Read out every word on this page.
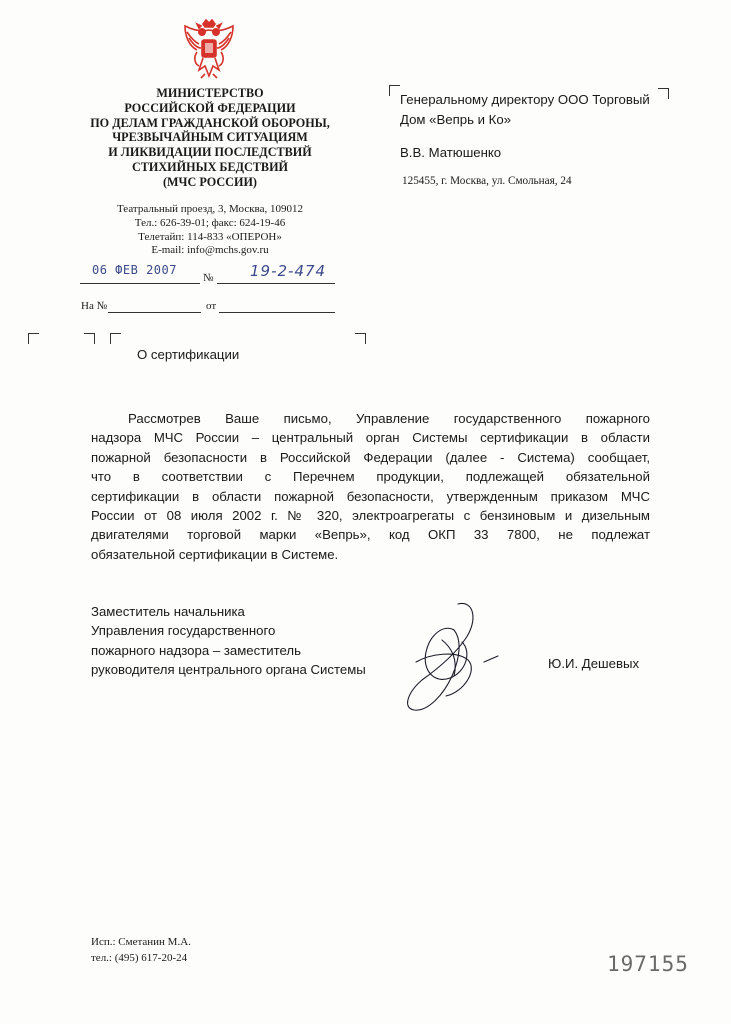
МИНИСТЕРСТВО
РОССИЙСКОЙ ФЕДЕРАЦИИ
ПО ДЕЛАМ ГРАЖДАНСКОЙ ОБОРОНЫ,
ЧРЕЗВЫЧАЙНЫМ СИТУАЦИЯМ
И ЛИКВИДАЦИИ ПОСЛЕДСТВИЙ
СТИХИЙНЫХ БЕДСТВИЙ
(МЧС РОССИИ)
Театральный проезд, 3, Москва, 109012
Тел.: 626-39-01; факс: 624-19-46
Телетайп: 114-833 «ОПЕРОН»
E-mail: info@mchs.gov.ru
06 ФЕВ 2007
№ 19-2-474
На №	от
Генеральному директору ООО Торговый Дом «Вепрь и Ко»
В.В. Матюшенко
125455, г. Москва, ул. Смольная, 24
О сертификации
Рассмотрев Ваше письмо, Управление государственного пожарного
надзора МЧС России – центральный орган Системы сертификации в области
пожарной безопасности в Российской Федерации (далее - Система) сообщает,
что в соответствии с Перечнем продукции, подлежащей обязательной
сертификации в области пожарной безопасности, утвержденным приказом МЧС
России от 08 июля 2002 г. № 320, электроагрегаты с бензиновым и дизельным
двигателями торговой марки «Вепрь», код ОКП 33 7800, не подлежат
обязательной сертификации в Системе.
Заместитель начальника
Управления государственного
пожарного надзора – заместитель
руководителя центрального органа Системы	Ю.И. Дешевых
Исп.: Сметанин М.А.
тел.: (495) 617-20-24	197155
